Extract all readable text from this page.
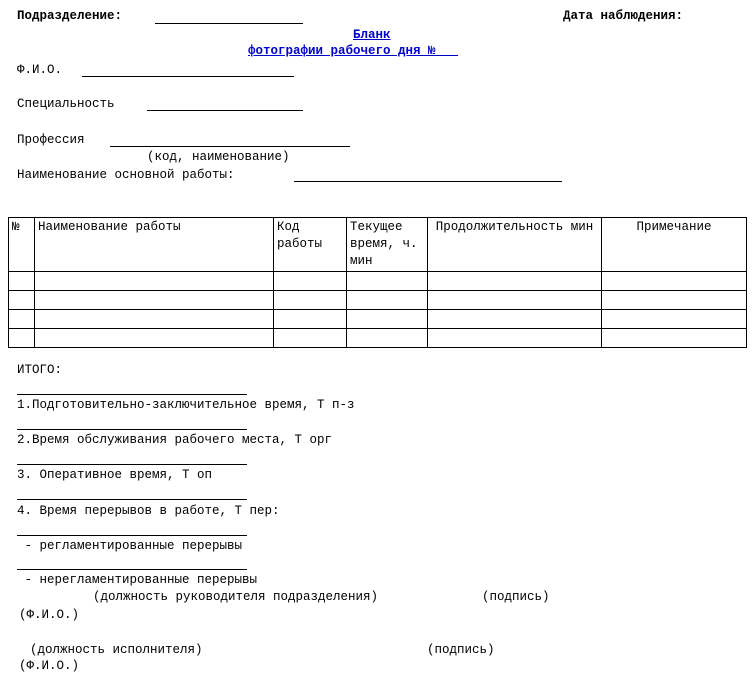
Подразделение:	Дата наблюдения:
Бланк
фотографии рабочего дня №___
Ф.И.О.
Специальность
Профессия
(код, наименование)
Наименование основной работы:
№	Наименование работы	Код работы	Текущее время, ч. мин	Продолжительность мин	Примечание

ИТОГО:
1.Подготовительно-заключительное время, Т п-з
2.Время обслуживания рабочего места, Т орг
3. Оперативное время, Т оп
4. Время перерывов в работе, Т пер:
- регламентированные перерывы
- нерегламентированные перерывы
(должность руководителя подразделения)	(подпись)
(Ф.И.О.)
(должность исполнителя)	(подпись)
(Ф.И.О.)
